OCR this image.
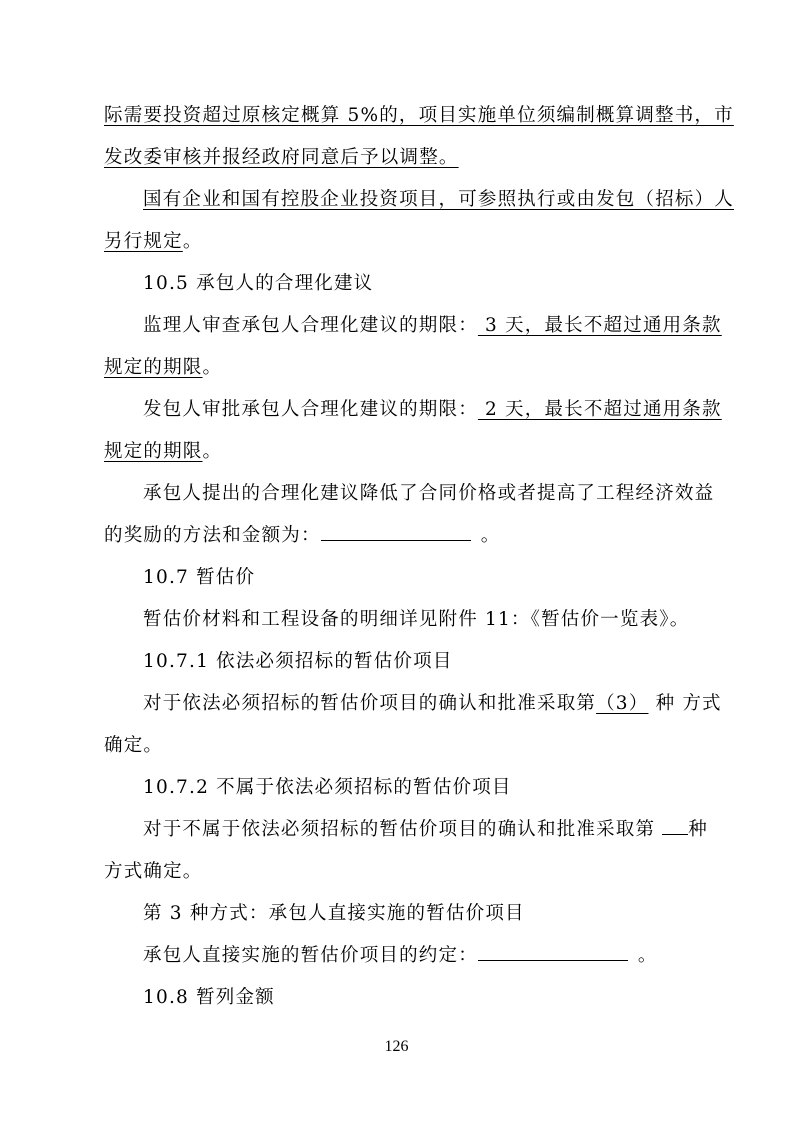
际需要投资超过原核定概算 5%的，项目实施单位须编制概算调整书，市
发改委审核并报经政府同意后予以调整。
国有企业和国有控股企业投资项目，可参照执行或由发包（招标）人
另行规定。
10.5 承包人的合理化建议
监理人审查承包人合理化建议的期限： 3 天，最长不超过通用条款
规定的期限。
发包人审批承包人合理化建议的期限： 2 天，最长不超过通用条款
规定的期限。
承包人提出的合理化建议降低了合同价格或者提高了工程经济效益
的奖励的方法和金额为：	。
10.7 暂估价
暂估价材料和工程设备的明细详见附件 11：《暂估价一览表》。
10.7.1 依法必须招标的暂估价项目
对于依法必须招标的暂估价项目的确认和批准采取第（3） 种 方式
确定。
10.7.2 不属于依法必须招标的暂估价项目
对于不属于依法必须招标的暂估价项目的确认和批准采取第 种
方式确定。
第 3 种方式：承包人直接实施的暂估价项目
承包人直接实施的暂估价项目的约定：	。
10.8 暂列金额
126
